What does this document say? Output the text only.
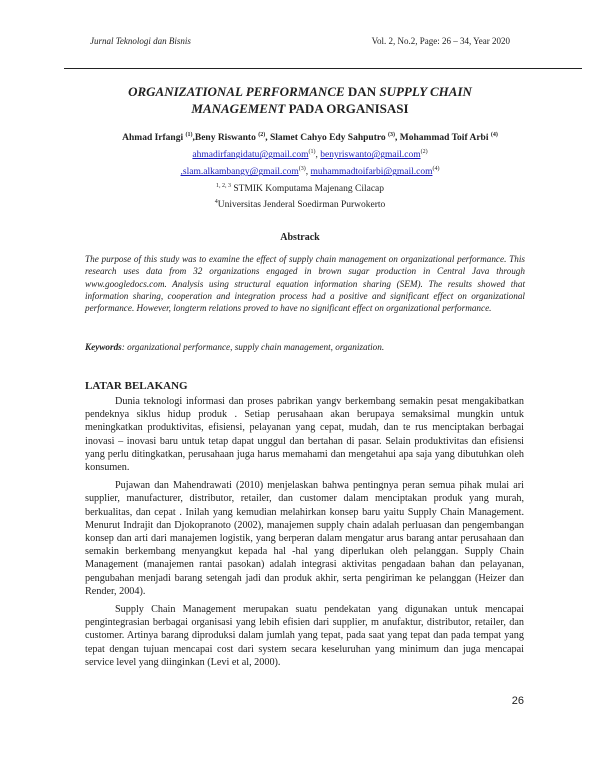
Jurnal Teknologi dan Bisnis	Vol. 2, No.2, Page: 26 – 34, Year 2020
ORGANIZATIONAL PERFORMANCE DAN SUPPLY CHAIN
MANAGEMENT PADA ORGANISASI
Ahmad Irfangi $^{(1)}$,Beny Riswanto $^{(2)}$, Slamet Cahyo Edy Sahputro $^{(3)}$, Mohammad Toif Arbi $^{(4)}$
ahmadirfangidatu@gmail.com$^{(1)}$, benyriswanto@gmail.com$^{(2)}$
,slam.alkambangy@gmail.com$^{(3)}$, muhammadtoifarbi@gmail.com$^{(4)}$
$^{1, 2, 3}$ STMIK Komputama Majenang Cilacap
$^4$Universitas Jenderal Soedirman Purwokerto
Abstrack
The purpose of this study was to examine the effect of supply chain management on organizational performance. This research uses data from 32 organizations engaged in brown sugar production in Central Java through www.googledocs.com. Analysis using structural equation information sharing (SEM). The results showed that information sharing, cooperation and integration process had a positive and significant effect on organizational performance. However, longterm relations proved to have no significant effect on organizational performance.
Keywords: organizational performance, supply chain management, organization.
LATAR BELAKANG

Dunia teknologi informasi dan proses pabrikan yangv berkembang semakin pesat mengakibatkan pendeknya siklus hidup produk . Setiap perusahaan akan berupaya semaksimal mungkin untuk meningkatkan produktivitas, efisiensi, pelayanan yang cepat, mudah, dan te rus menciptakan berbagai inovasi – inovasi baru untuk tetap dapat unggul dan bertahan di pasar. Selain produktivitas dan efisiensi yang perlu ditingkatkan, perusahaan juga harus memahami dan mengetahui apa saja yang dibutuhkan oleh konsumen.

Pujawan dan Mahendrawati (2010) menjelaskan bahwa pentingnya peran semua pihak mulai ari supplier, manufacturer, distributor, retailer, dan customer dalam menciptakan produk yang murah, berkualitas, dan cepat . Inilah yang kemudian melahirkan konsep baru yaitu Supply Chain Management. Menurut Indrajit dan Djokopranoto (2002), manajemen supply chain adalah perluasan dan pengembangan konsep dan arti dari manajemen logistik, yang berperan dalam mengatur arus barang antar perusahaan dan semakin berkembang menyangkut kepada hal -hal yang diperlukan oleh pelanggan. Supply Chain Management (manajemen rantai pasokan) adalah integrasi aktivitas pengadaan bahan dan pelayanan, pengubahan menjadi barang setengah jadi dan produk akhir, serta pengiriman ke pelanggan (Heizer dan Render, 2004).

Supply Chain Management merupakan suatu pendekatan yang digunakan untuk mencapai pengintegrasian berbagai organisasi yang lebih efisien dari supplier, m anufaktur, distributor, retailer, dan customer. Artinya barang diproduksi dalam jumlah yang tepat, pada saat yang tepat dan pada tempat yang tepat dengan tujuan mencapai cost dari system secara keseluruhan yang minimum dan juga mencapai service level yang diinginkan (Levi et al, 2000).

26
